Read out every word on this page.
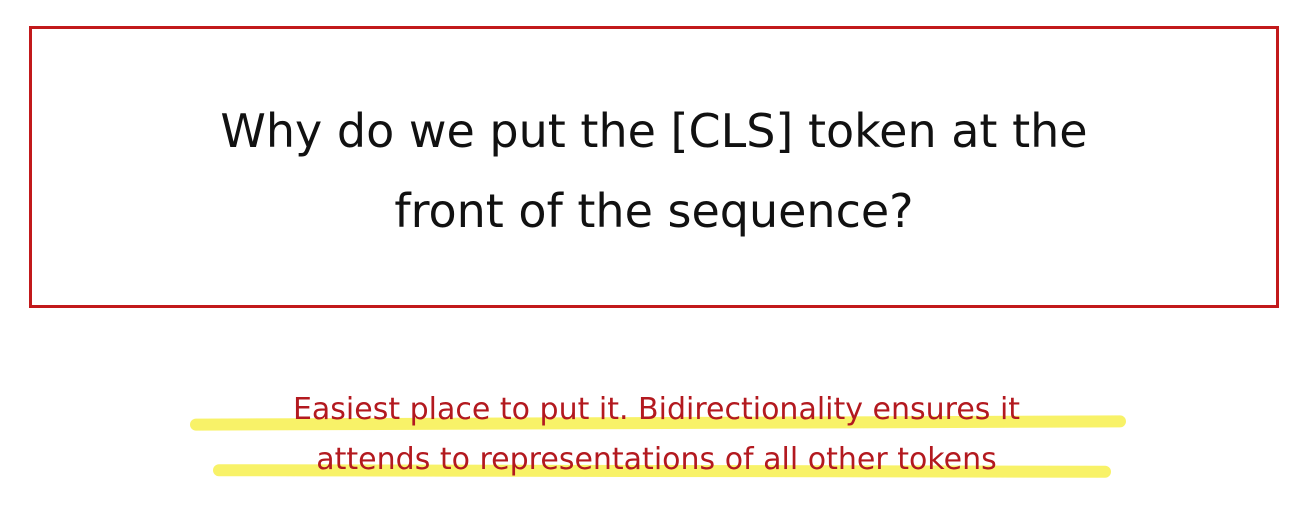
Why do we put the [CLS] token at the
front of the sequence?

Easiest place to put it. Bidirectionality ensures it
attends to representations of all other tokens
